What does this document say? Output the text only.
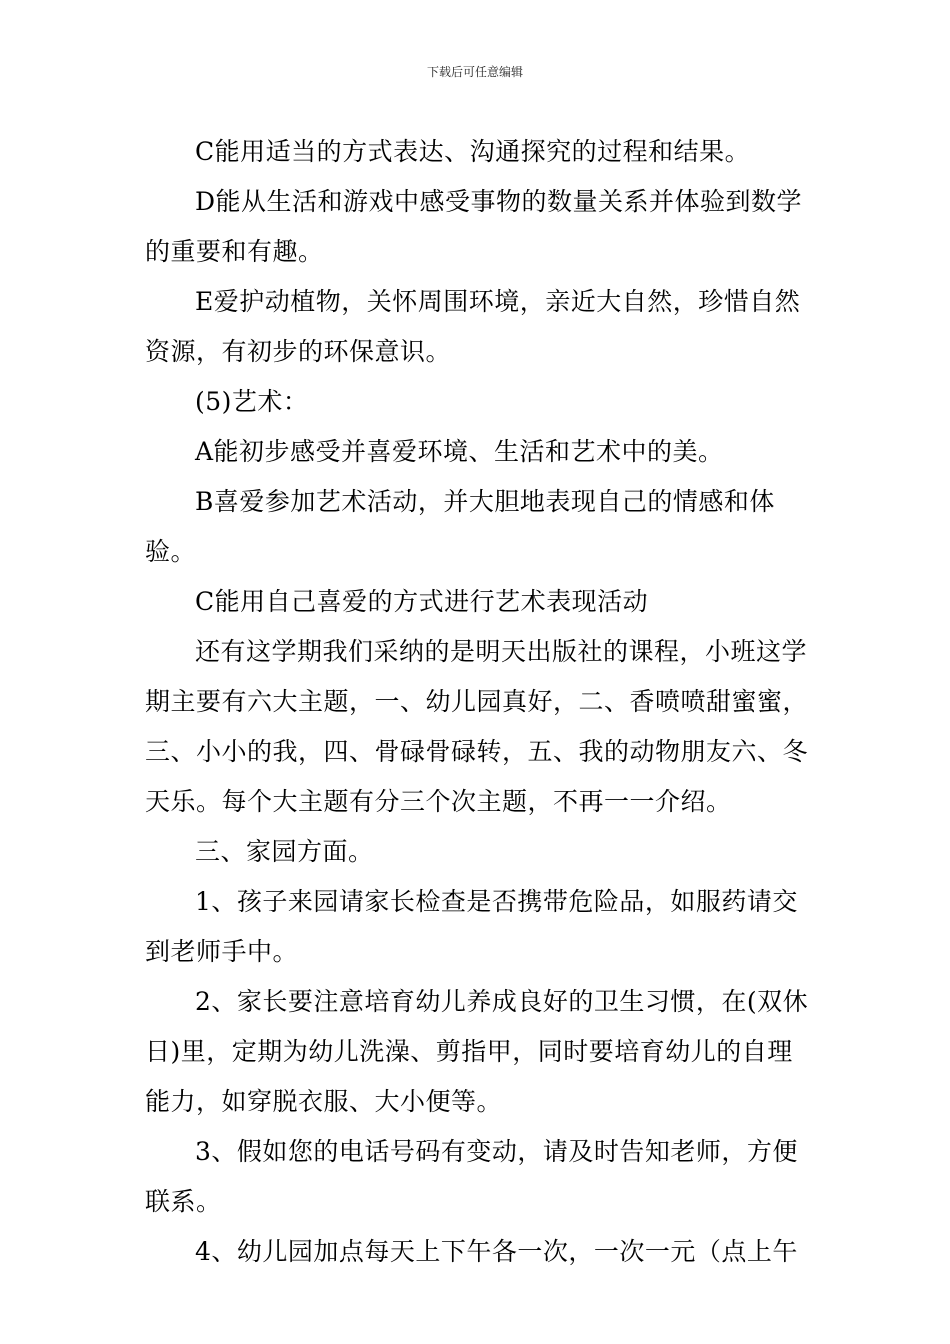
下载后可任意编辑

C能用适当的方式表达、沟通探究的过程和结果。

D能从生活和游戏中感受事物的数量关系并体验到数学的重要和有趣。

E爱护动植物，关怀周围环境，亲近大自然，珍惜自然资源，有初步的环保意识。

(5)艺术：

A能初步感受并喜爱环境、生活和艺术中的美。

B喜爱参加艺术活动，并大胆地表现自己的情感和体验。

C能用自己喜爱的方式进行艺术表现活动

还有这学期我们采纳的是明天出版社的课程，小班这学期主要有六大主题，一、幼儿园真好，二、香喷喷甜蜜蜜，三、小小的我，四、骨碌骨碌转，五、我的动物朋友六、冬天乐。每个大主题有分三个次主题，不再一一介绍。

三、家园方面。

1、孩子来园请家长检查是否携带危险品，如服药请交到老师手中。

2、家长要注意培育幼儿养成良好的卫生习惯，在(双休日)里，定期为幼儿洗澡、剪指甲，同时要培育幼儿的自理能力，如穿脱衣服、大小便等。

3、假如您的电话号码有变动，请及时告知老师，方便联系。

4、幼儿园加点每天上下午各一次，一次一元（点上午
